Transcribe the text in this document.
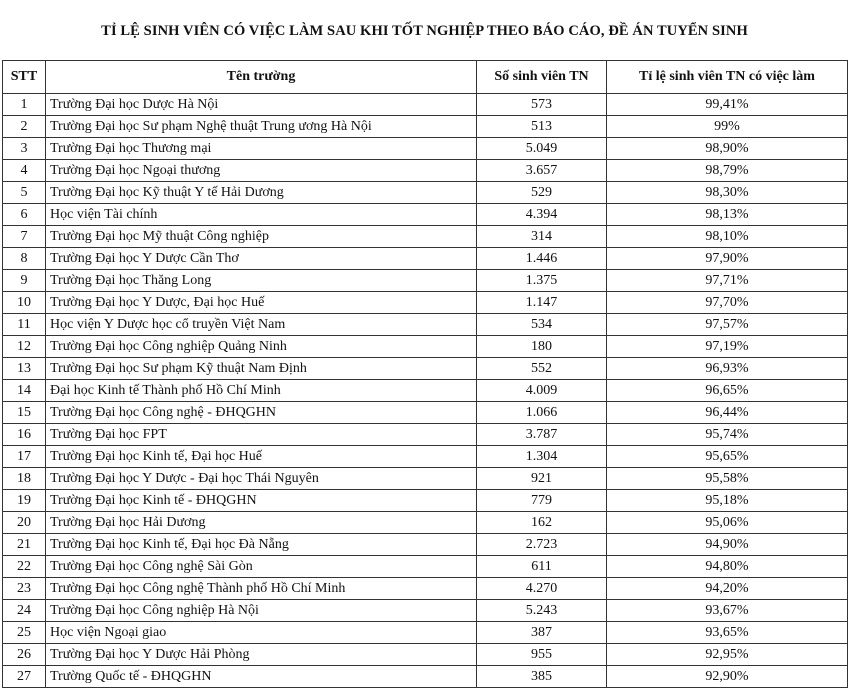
TỈ LỆ SINH VIÊN CÓ VIỆC LÀM SAU KHI TỐT NGHIỆP THEO BÁO CÁO, ĐỀ ÁN TUYỂN SINH
STT	Tên trường	Số sinh viên TN	Tỉ lệ sinh viên TN có việc làm
1	Trường Đại học Dược Hà Nội	573	99,41%
2	Trường Đại học Sư phạm Nghệ thuật Trung ương Hà Nội	513	99%
3	Trường Đại học Thương mại	5.049	98,90%
4	Trường Đại học Ngoại thương	3.657	98,79%
5	Trường Đại học Kỹ thuật Y tế Hải Dương	529	98,30%
6	Học viện Tài chính	4.394	98,13%
7	Trường Đại học Mỹ thuật Công nghiệp	314	98,10%
8	Trường Đại học Y Dược Cần Thơ	1.446	97,90%
9	Trường Đại học Thăng Long	1.375	97,71%
10	Trường Đại học Y Dược, Đại học Huế	1.147	97,70%
11	Học viện Y Dược học cổ truyền Việt Nam	534	97,57%
12	Trường Đại học Công nghiệp Quảng Ninh	180	97,19%
13	Trường Đại học Sư phạm Kỹ thuật Nam Định	552	96,93%
14	Đại học Kinh tế Thành phố Hồ Chí Minh	4.009	96,65%
15	Trường Đại học Công nghệ - ĐHQGHN	1.066	96,44%
16	Trường Đại học FPT	3.787	95,74%
17	Trường Đại học Kinh tế, Đại học Huế	1.304	95,65%
18	Trường Đại học Y Dược - Đại học Thái Nguyên	921	95,58%
19	Trường Đại học Kinh tế - ĐHQGHN	779	95,18%
20	Trường Đại học Hải Dương	162	95,06%
21	Trường Đại học Kinh tế, Đại học Đà Nẵng	2.723	94,90%
22	Trường Đại học Công nghệ Sài Gòn	611	94,80%
23	Trường Đại học Công nghệ Thành phố Hồ Chí Minh	4.270	94,20%
24	Trường Đại học Công nghiệp Hà Nội	5.243	93,67%
25	Học viện Ngoại giao	387	93,65%
26	Trường Đại học Y Dược Hải Phòng	955	92,95%
27	Trường Quốc tế - ĐHQGHN	385	92,90%
